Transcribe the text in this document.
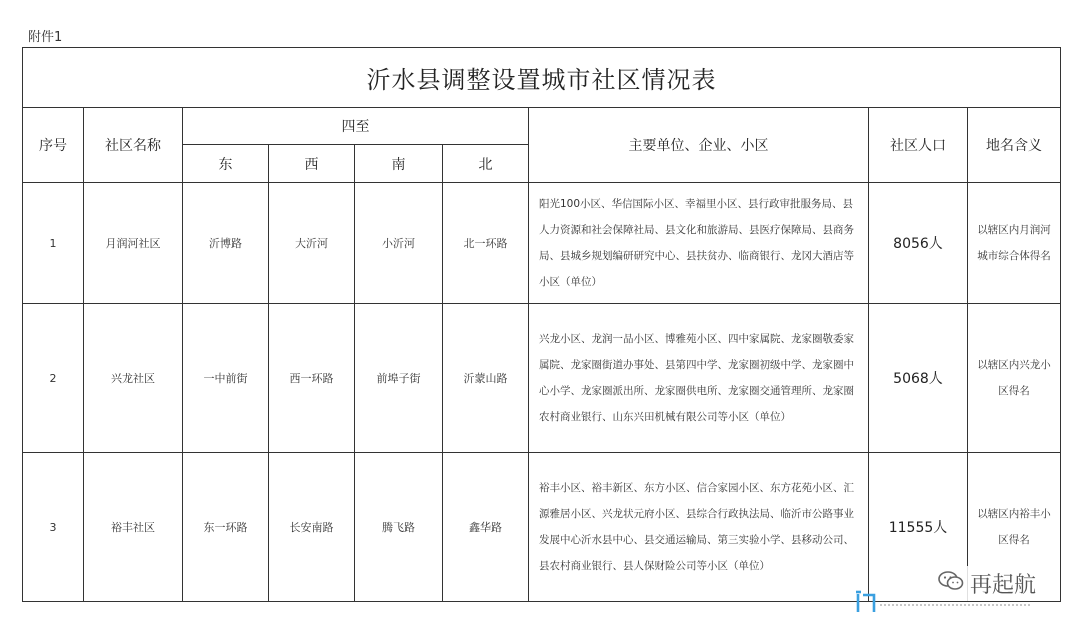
附件1
沂水县调整设置城市社区情况表								
序号	社区名称	四至				主要单位、企业、小区	社区人口	地名含义
		东	西	南	北			
1	月润河社区	沂博路	大沂河	小沂河	北一环路	阳光100小区、华信国际小区、幸福里小区、县行政审批服务局、县人力资源和社会保障社局、县文化和旅游局、县医疗保障局、县商务局、县城乡规划编研研究中心、县扶贫办、临商银行、龙冈大酒店等小区（单位）	8056人	以辖区内月润河城市综合体得名
2	兴龙社区	一中前街	西一环路	前埠子街	沂蒙山路	兴龙小区、龙润一品小区、博雅苑小区、四中家属院、龙家圈敬委家属院、龙家圈街道办事处、县第四中学、龙家圈初级中学、龙家圈中心小学、龙家圈派出所、龙家圈供电所、龙家圈交通管理所、龙家圈农村商业银行、山东兴田机械有限公司等小区（单位）	5068人	以辖区内兴龙小区得名
3	裕丰社区	东一环路	长安南路	腾飞路	鑫华路	裕丰小区、裕丰新区、东方小区、信合家园小区、东方花苑小区、汇源雅居小区、兴龙状元府小区、县综合行政执法局、临沂市公路事业发展中心沂水县中心、县交通运输局、第三实验小学、县移动公司、县农村商业银行、县人保财险公司等小区（单位）	11555人	以辖区内裕丰小区得名
再起航
